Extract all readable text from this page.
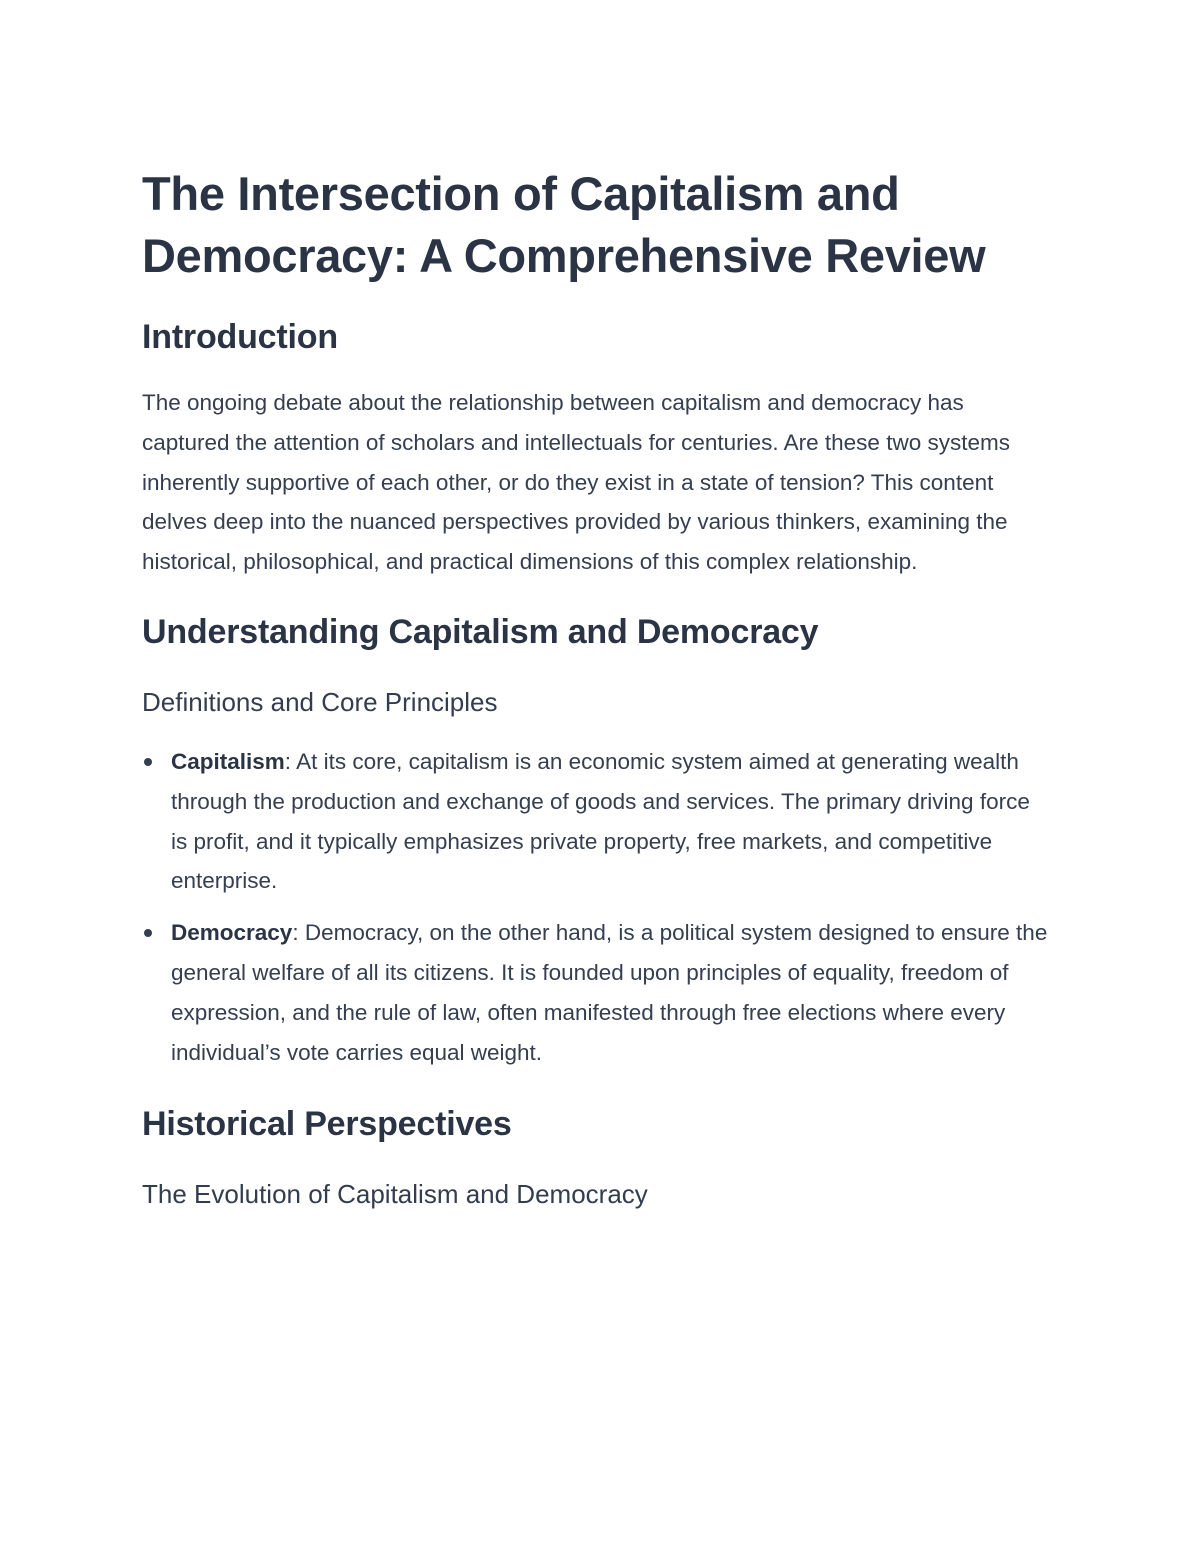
The Intersection of Capitalism and Democracy: A Comprehensive Review
Introduction

The ongoing debate about the relationship between capitalism and democracy has captured the attention of scholars and intellectuals for centuries. Are these two systems inherently supportive of each other, or do they exist in a state of tension? This content delves deep into the nuanced perspectives provided by various thinkers, examining the historical, philosophical, and practical dimensions of this complex relationship.

Understanding Capitalism and Democracy
Definitions and Core Principles
Capitalism: At its core, capitalism is an economic system aimed at generating wealth through the production and exchange of goods and services. The primary driving force is profit, and it typically emphasizes private property, free markets, and competitive enterprise.
Democracy: Democracy, on the other hand, is a political system designed to ensure the general welfare of all its citizens. It is founded upon principles of equality, freedom of expression, and the rule of law, often manifested through free elections where every individual’s vote carries equal weight.
Historical Perspectives
The Evolution of Capitalism and Democracy
